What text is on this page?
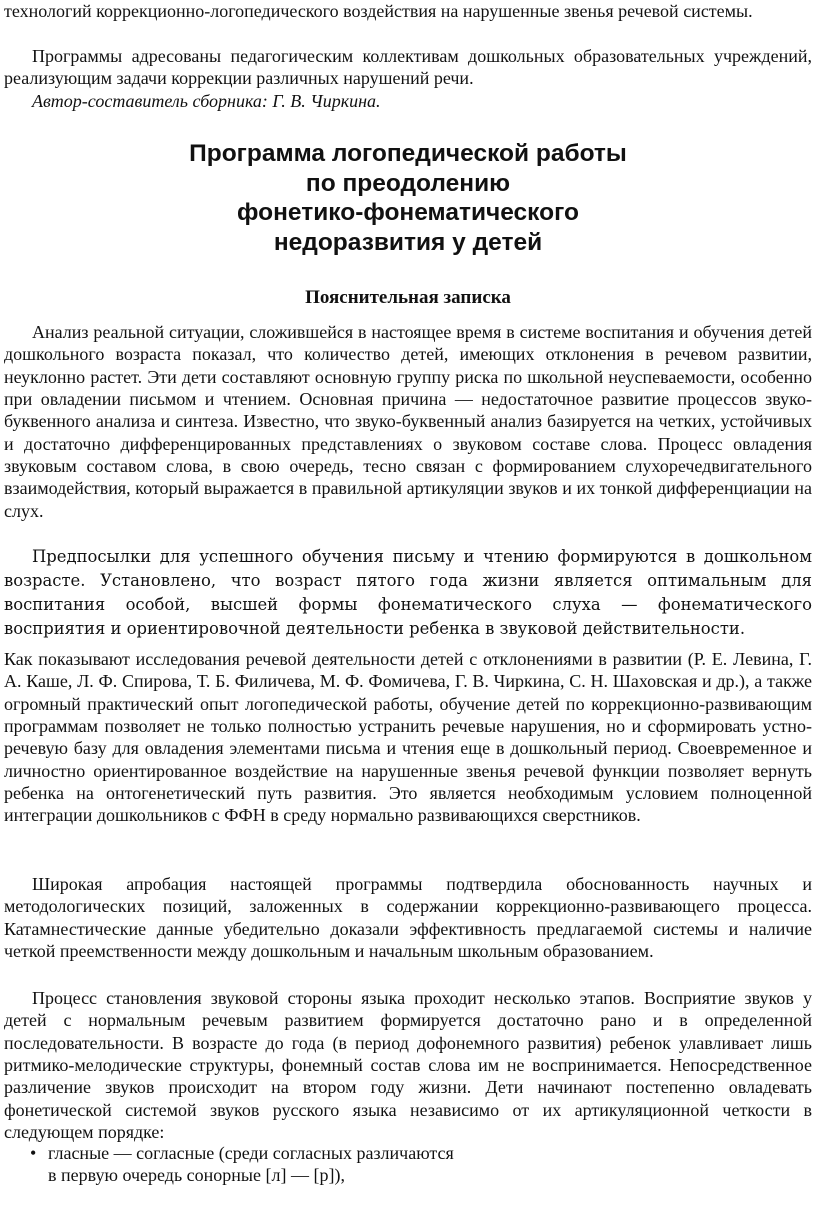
технологий коррекционно-логопедического воздействия на нарушенные звенья речевой системы.

Программы адресованы педагогическим коллективам дошкольных образовательных учреждений, реализующим задачи коррекции различных нарушений речи.

Автор-составитель сборника: Г. В. Чиркина.

Программа логопедической работы
по преодолению
фонетико-фонематического
недоразвития у детей
Пояснительная записка

Анализ реальной ситуации, сложившейся в настоящее время в системе воспитания и обучения детей дошкольного возраста показал, что количество детей, имеющих отклонения в речевом развитии, неуклонно растет. Эти дети составляют основную группу риска по школьной неуспеваемости, особенно при овладении письмом и чтением. Основная причина — недостаточное развитие процессов звуко-буквенного анализа и синтеза. Известно, что звуко-буквенный анализ базируется на четких, устойчивых и достаточно дифференцированных представлениях о звуковом составе слова. Процесс овладения звуковым составом слова, в свою очередь, тесно связан с формированием слухоречедвигательного взаимодействия, который выражается в правильной артикуляции звуков и их тонкой дифференциации на слух.

Предпосылки для успешного обучения письму и чтению формируются в дошкольном возрасте. Установлено, что возраст пятого года жизни является оптимальным для воспитания особой, высшей формы фонематического слуха — фонематического восприятия и ориентировочной деятельности ребенка в звуковой действительности.

Как показывают исследования речевой деятельности детей с отклонениями в развитии (Р. Е. Левина, Г. А. Каше, Л. Ф. Спирова, Т. Б. Филичева, М. Ф. Фомичева, Г. В. Чиркина, С. Н. Шаховская и др.), а также огромный практический опыт логопедической работы, обучение детей по коррекционно-развивающим программам позволяет не только полностью устранить речевые нарушения, но и сформировать устно-речевую базу для овладения элементами письма и чтения еще в дошкольный период. Своевременное и личностно ориентированное воздействие на нарушенные звенья речевой функции позволяет вернуть ребенка на онтогенетический путь развития. Это является необходимым условием полноценной интеграции дошкольников с ФФН в среду нормально развивающихся сверстников.

Широкая апробация настоящей программы подтвердила обоснованность научных и методологических позиций, заложенных в содержании коррекционно-развивающего процесса. Катамнестические данные убедительно доказали эффективность предлагаемой системы и наличие четкой преемственности между дошкольным и начальным школьным образованием.

Процесс становления звуковой стороны языка проходит несколько этапов. Восприятие звуков у детей с нормальным речевым развитием формируется достаточно рано и в определенной последовательности. В возрасте до года (в период дофонемного развития) ребенок улавливает лишь ритмико-мелодические структуры, фонемный состав слова им не воспринимается. Непосредственное различение звуков происходит на втором году жизни. Дети начинают постепенно овладевать фонетической системой звуков русского языка независимо от их артикуляционной четкости в следующем порядке:

• гласные — согласные (среди согласных различаются
в первую очередь сонорные [л] — [р]),
